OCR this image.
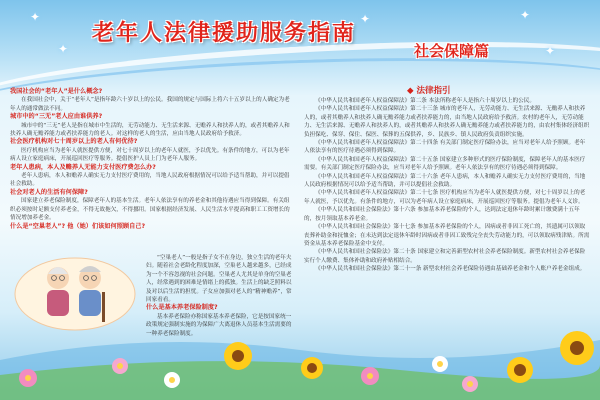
✦
✦
✦
✦
✦
老年人法律援助服务指南
社会保障篇
◆ 法律指引

我国社会的“老年人”是什么概念?

在我国社会中，关于“老年人”是指年龄六十岁以上的公民。我国的规定与国际上将六十五岁以上的人确定为老年人的通常做法不同。

城市中的“三无”老人应由谁供养?

城市中的“三无”老人是指在城市中生活的，无劳动能力、无生活来源、无赡养人和扶养人的，或者其赡养人和扶养人确无赡养能力或者扶养能力的老人。对这样的老人的生活，应由当地人民政府给予救济。

社会医疗机构对七十周岁以上的老人有何优待?

医疗机构应当为老年人就医提供方便，对七十周岁以上的老年人就医，予以优先。有条件的地方，可以为老年病人设立家庭病床，开展巡回医疗等服务。提倡医护人员上门为老年人服务。

老年人患病，本人及赡养人无能力支付医疗费怎么办?

老年人患病，本人和赡养人确实无力支付医疗费用的，当地人民政府根据情况可以给予适当帮助，并可以提倡社会救助。

社会对老人的生活有何保障?

国家建立养老保险制度，保障老年人的基本生活。老年人依法享有的养老金和其他待遇应当得到保障。有关组织必须按时足额支付养老金，不得无故拖欠，不得挪用。国家根据经济发展、人民生活水平提高和职工工资增长的情况增加养老金。

什么是“空巢老人”? 他（她）们该如何照顾自己?

“空巢老人”一般是指子女不在身边，独立生活的老年夫妇。随着社会老龄化程度加深，空巢老人越来越多，已经成为一个不容忽视的社会问题。空巢老人尤其是单身的空巢老人，经常遇到的困难是情绪上的孤独。生活上的缺乏照料以及对以后生活的担忧。子女应加强对老人的“精神赡养”，常回家看看。

什么是基本养老保险制度?

基本养老保险亦称国家基本养老保险，它是按国家统一政策规定强制实施的为保障广大离退休人员基本生活需要的一种养老保险制度。

《中华人民共和国老年人权益保障法》第二条 本法所称老年人是指六十周岁以上的公民。

《中华人民共和国老年人权益保障法》第二十三条 城市的老年人，无劳动能力、无生活来源、无赡养人和扶养人的，或者其赡养人和扶养人确无赡养能力或者扶养能力的，由当地人民政府给予救济。农村的老年人，无劳动能力、无生活来源、无赡养人和扶养人的，或者其赡养人和扶养人确无赡养能力或者扶养能力的，由农村集体经济组织负担保吃、保穿、保住、保医、保葬的五保供养，乡、民族乡、镇人民政府负责组织实施。

《中华人民共和国老年人权益保障法》第二十四条 有关部门制定医疗保险办法，应当对老年人给予照顾。老年人依法享有的医疗待遇必须得到保障。

《中华人民共和国老年人权益保障法》第二十五条 国家建立多种形式的医疗保险制度，保障老年人的基本医疗需要。有关部门制定医疗保险办法，应当对老年人给予照顾。老年人依法享有的医疗待遇必须得到保障。

《中华人民共和国老年人权益保障法》第二十六条 老年人患病，本人和赡养人确实无力支付医疗费用的，当地人民政府根据情况可以给予适当帮助，并可以提倡社会救助。

《中华人民共和国老年人权益保障法》第二十七条 医疗机构应当为老年人就医提供方便，对七十周岁以上的老年人就医，予以优先。有条件的地方，可以为老年病人设立家庭病床，开展巡回医疗等服务。提倡为老年人义诊。

《中华人民共和国社会保险法》第十六条 参加基本养老保险的个人，达到法定退休年龄时累计缴费满十五年的，按月领取基本养老金。

《中华人民共和国社会保险法》第十七条 参加基本养老保险的个人，因病或者非因工死亡的，其遗属可以领取丧葬补助金和抚恤金；在未达到法定退休年龄时因病或者非因工致残完全丧失劳动能力的，可以领取病残津贴。所需资金从基本养老保险基金中支付。

《中华人民共和国社会保险法》第二十条 国家建立和完善新型农村社会养老保险制度。新型农村社会养老保险实行个人缴费、集体补助和政府补贴相结合。

《中华人民共和国社会保险法》第二十一条 新型农村社会养老保险待遇由基础养老金和个人账户养老金组成。
